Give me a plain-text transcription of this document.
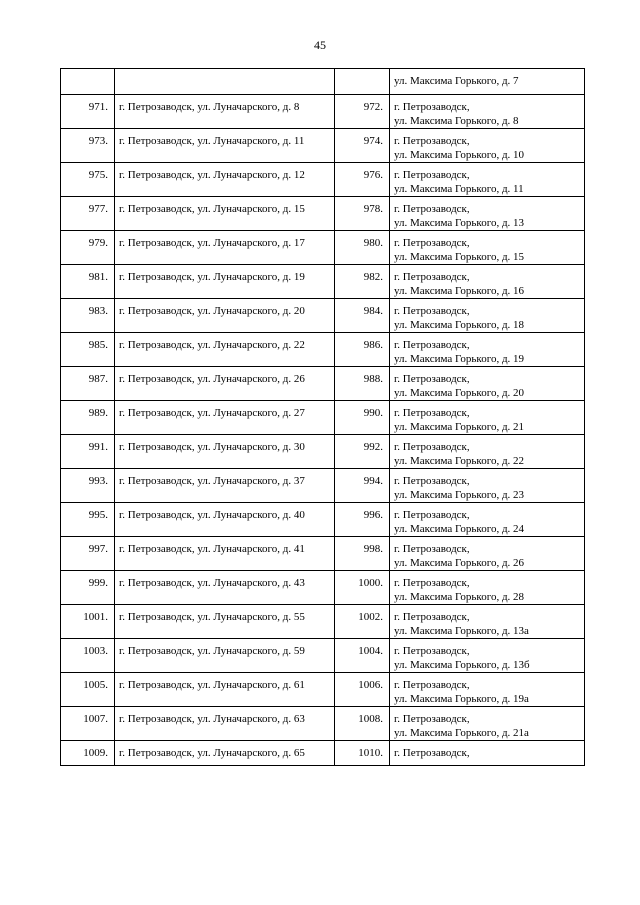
45
			ул. Максима Горького, д. 7
971.	г. Петрозаводск, ул. Луначарского, д. 8	972.	г. Петрозаводск,
ул. Максима Горького, д. 8

973.	г. Петрозаводск, ул. Луначарского, д. 11	974.	г. Петрозаводск,
ул. Максима Горького, д. 10

975.	г. Петрозаводск, ул. Луначарского, д. 12	976.	г. Петрозаводск,
ул. Максима Горького, д. 11

977.	г. Петрозаводск, ул. Луначарского, д. 15	978.	г. Петрозаводск,
ул. Максима Горького, д. 13

979.	г. Петрозаводск, ул. Луначарского, д. 17	980.	г. Петрозаводск,
ул. Максима Горького, д. 15

981.	г. Петрозаводск, ул. Луначарского, д. 19	982.	г. Петрозаводск,
ул. Максима Горького, д. 16

983.	г. Петрозаводск, ул. Луначарского, д. 20	984.	г. Петрозаводск,
ул. Максима Горького, д. 18

985.	г. Петрозаводск, ул. Луначарского, д. 22	986.	г. Петрозаводск,
ул. Максима Горького, д. 19

987.	г. Петрозаводск, ул. Луначарского, д. 26	988.	г. Петрозаводск,
ул. Максима Горького, д. 20

989.	г. Петрозаводск, ул. Луначарского, д. 27	990.	г. Петрозаводск,
ул. Максима Горького, д. 21

991.	г. Петрозаводск, ул. Луначарского, д. 30	992.	г. Петрозаводск,
ул. Максима Горького, д. 22

993.	г. Петрозаводск, ул. Луначарского, д. 37	994.	г. Петрозаводск,
ул. Максима Горького, д. 23

995.	г. Петрозаводск, ул. Луначарского, д. 40	996.	г. Петрозаводск,
ул. Максима Горького, д. 24

997.	г. Петрозаводск, ул. Луначарского, д. 41	998.	г. Петрозаводск,
ул. Максима Горького, д. 26

999.	г. Петрозаводск, ул. Луначарского, д. 43	1000.	г. Петрозаводск,
ул. Максима Горького, д. 28

1001.	г. Петрозаводск, ул. Луначарского, д. 55	1002.	г. Петрозаводск,
ул. Максима Горького, д. 13а

1003.	г. Петрозаводск, ул. Луначарского, д. 59	1004.	г. Петрозаводск,
ул. Максима Горького, д. 13б

1005.	г. Петрозаводск, ул. Луначарского, д. 61	1006.	г. Петрозаводск,
ул. Максима Горького, д. 19а

1007.	г. Петрозаводск, ул. Луначарского, д. 63	1008.	г. Петрозаводск,
ул. Максима Горького, д. 21а

1009.	г. Петрозаводск, ул. Луначарского, д. 65	1010.	г. Петрозаводск,
